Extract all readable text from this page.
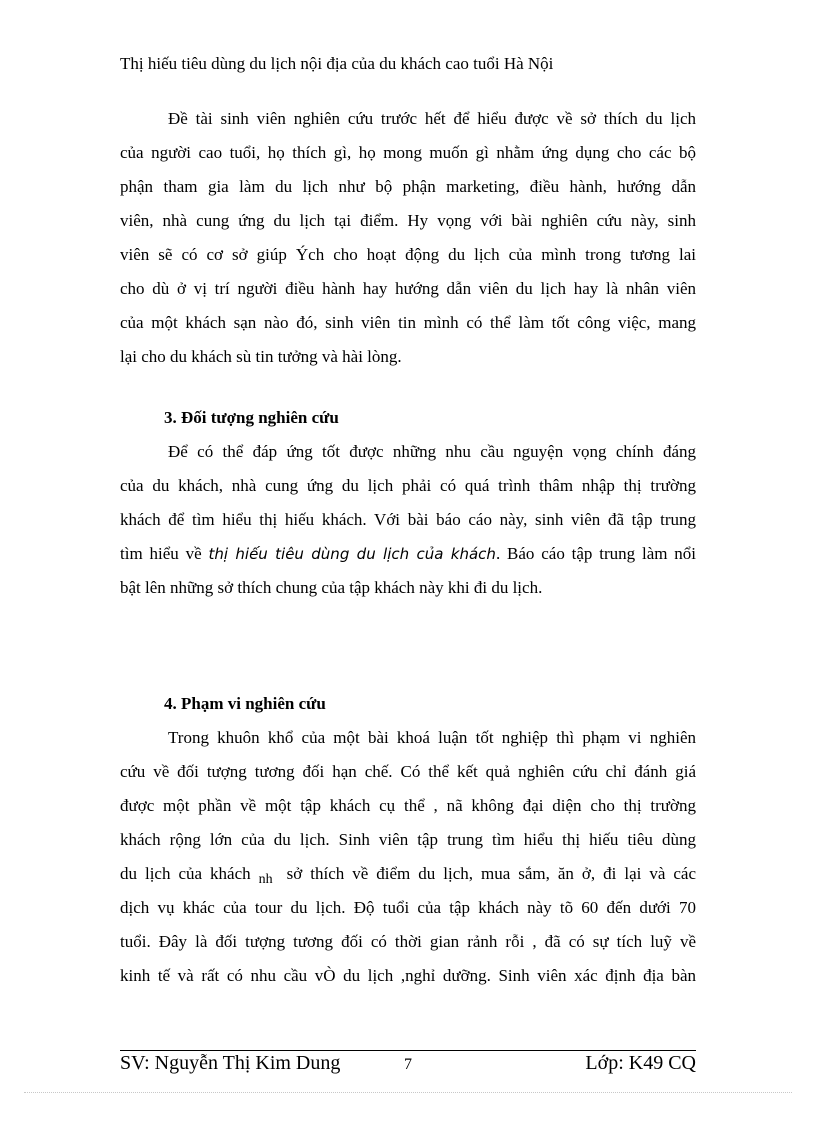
Thị hiếu tiêu dùng du lịch nội địa của du khách cao tuổi Hà Nội
Đề tài sinh viên nghiên cứu trước hết để hiểu được về sở thích du lịch
của người cao tuổi, họ thích gì, họ mong muốn gì nhằm ứng dụng cho các bộ
phận tham gia làm du lịch như bộ phận marketing, điều hành, hướng dẫn
viên, nhà cung ứng du lịch tại điểm. Hy vọng với bài nghiên cứu này, sinh
viên sẽ có cơ sở giúp Ých cho hoạt động du lịch của mình trong tương lai
cho dù ở vị trí người điều hành hay hướng dẫn viên du lịch hay là nhân viên
của một khách sạn nào đó, sinh viên tin mình có thể làm tốt công việc, mang
lại cho du khách sù tin tưởng và hài lòng.
3. Đối tượng nghiên cứu
Để có thể đáp ứng tốt được những nhu cầu nguyện vọng chính đáng
của du khách, nhà cung ứng du lịch phải có quá trình thâm nhập thị trường
khách để tìm hiểu thị hiếu khách. Với bài báo cáo này, sinh viên đã tập trung
tìm hiểu về thị hiếu tiêu dùng du lịch của khách. Báo cáo tập trung làm nổi
bật lên những sở thích chung của tập khách này khi đi du lịch.
4. Phạm vi nghiên cứu
Trong khuôn khổ của một bài khoá luận tốt nghiệp thì phạm vi nghiên
cứu về đối tượng tương đối hạn chế. Có thể kết quả nghiên cứu chỉ đánh giá
được một phần về một tập khách cụ thể , nã không đại diện cho thị trường
khách rộng lớn của du lịch. Sinh viên tập trung tìm hiểu thị hiếu tiêu dùng
du lịch của khách $_{nh}$ sở thích về điểm du lịch, mua sắm, ăn ở, đi lại và các
dịch vụ khác của tour du lịch. Độ tuổi của tập khách này tõ 60 đến dưới 70
tuổi. Đây là đối tượng tương đối có thời gian rảnh rỗi , đã có sự tích luỹ về
kinh tế và rất có nhu cầu vÒ du lịch ,nghỉ dưỡng. Sinh viên xác định địa bàn
SV: Nguyễn Thị Kim Dung	7	Lớp: K49 CQ
